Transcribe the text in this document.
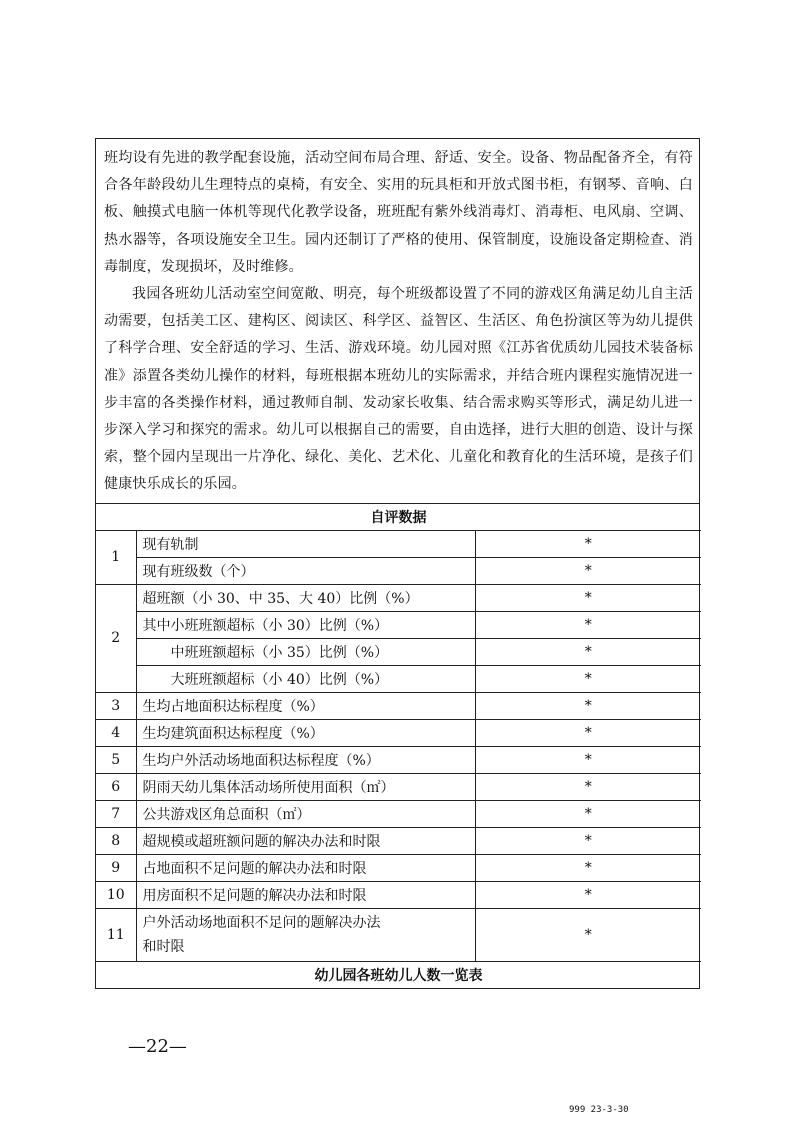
班均设有先进的教学配套设施，活动空间布局合理、舒适、安全。设备、物品配备齐全，有符合各年龄段幼儿生理特点的桌椅，有安全、实用的玩具柜和开放式图书柜，有钢琴、音响、白板、触摸式电脑一体机等现代化教学设备，班班配有紫外线消毒灯、消毒柜、电风扇、空调、热水器等，各项设施安全卫生。园内还制订了严格的使用、保管制度，设施设备定期检查、消毒制度，发现损坏，及时维修。

我园各班幼儿活动室空间宽敞、明亮，每个班级都设置了不同的游戏区角满足幼儿自主活动需要，包括美工区、建构区、阅读区、科学区、益智区、生活区、角色扮演区等为幼儿提供了科学合理、安全舒适的学习、生活、游戏环境。幼儿园对照《江苏省优质幼儿园技术装备标准》添置各类幼儿操作的材料，每班根据本班幼儿的实际需求，并结合班内课程实施情况进一步丰富的各类操作材料，通过教师自制、发动家长收集、结合需求购买等形式，满足幼儿进一步深入学习和探究的需求。幼儿可以根据自己的需要，自由选择，进行大胆的创造、设计与探索，整个园内呈现出一片净化、绿化、美化、艺术化、儿童化和教育化的生活环境，是孩子们健康快乐成长的乐园。

自评数据		
1	现有轨制	*
	现有班级数（个）	*
2	超班额（小 30、中 35、大 40）比例（%）	*
	其中小班班额超标（小 30）比例（%）	*
	中班班额超标（小 35）比例（%）	*
	大班班额超标（小 40）比例（%）	*
3	生均占地面积达标程度（%）	*
4	生均建筑面积达标程度（%）	*
5	生均户外活动场地面积达标程度（%）	*
6	阴雨天幼儿集体活动场所使用面积（㎡）	*
7	公共游戏区角总面积（㎡）	*
8	超规模或超班额问题的解决办法和时限	*
9	占地面积不足问题的解决办法和时限	*
10	用房面积不足问题的解决办法和时限	*
11	户外活动场地面积不足问的题解决办法
和时限	*
幼儿园各班幼儿人数一览表		
—22—
999 23-3-30
